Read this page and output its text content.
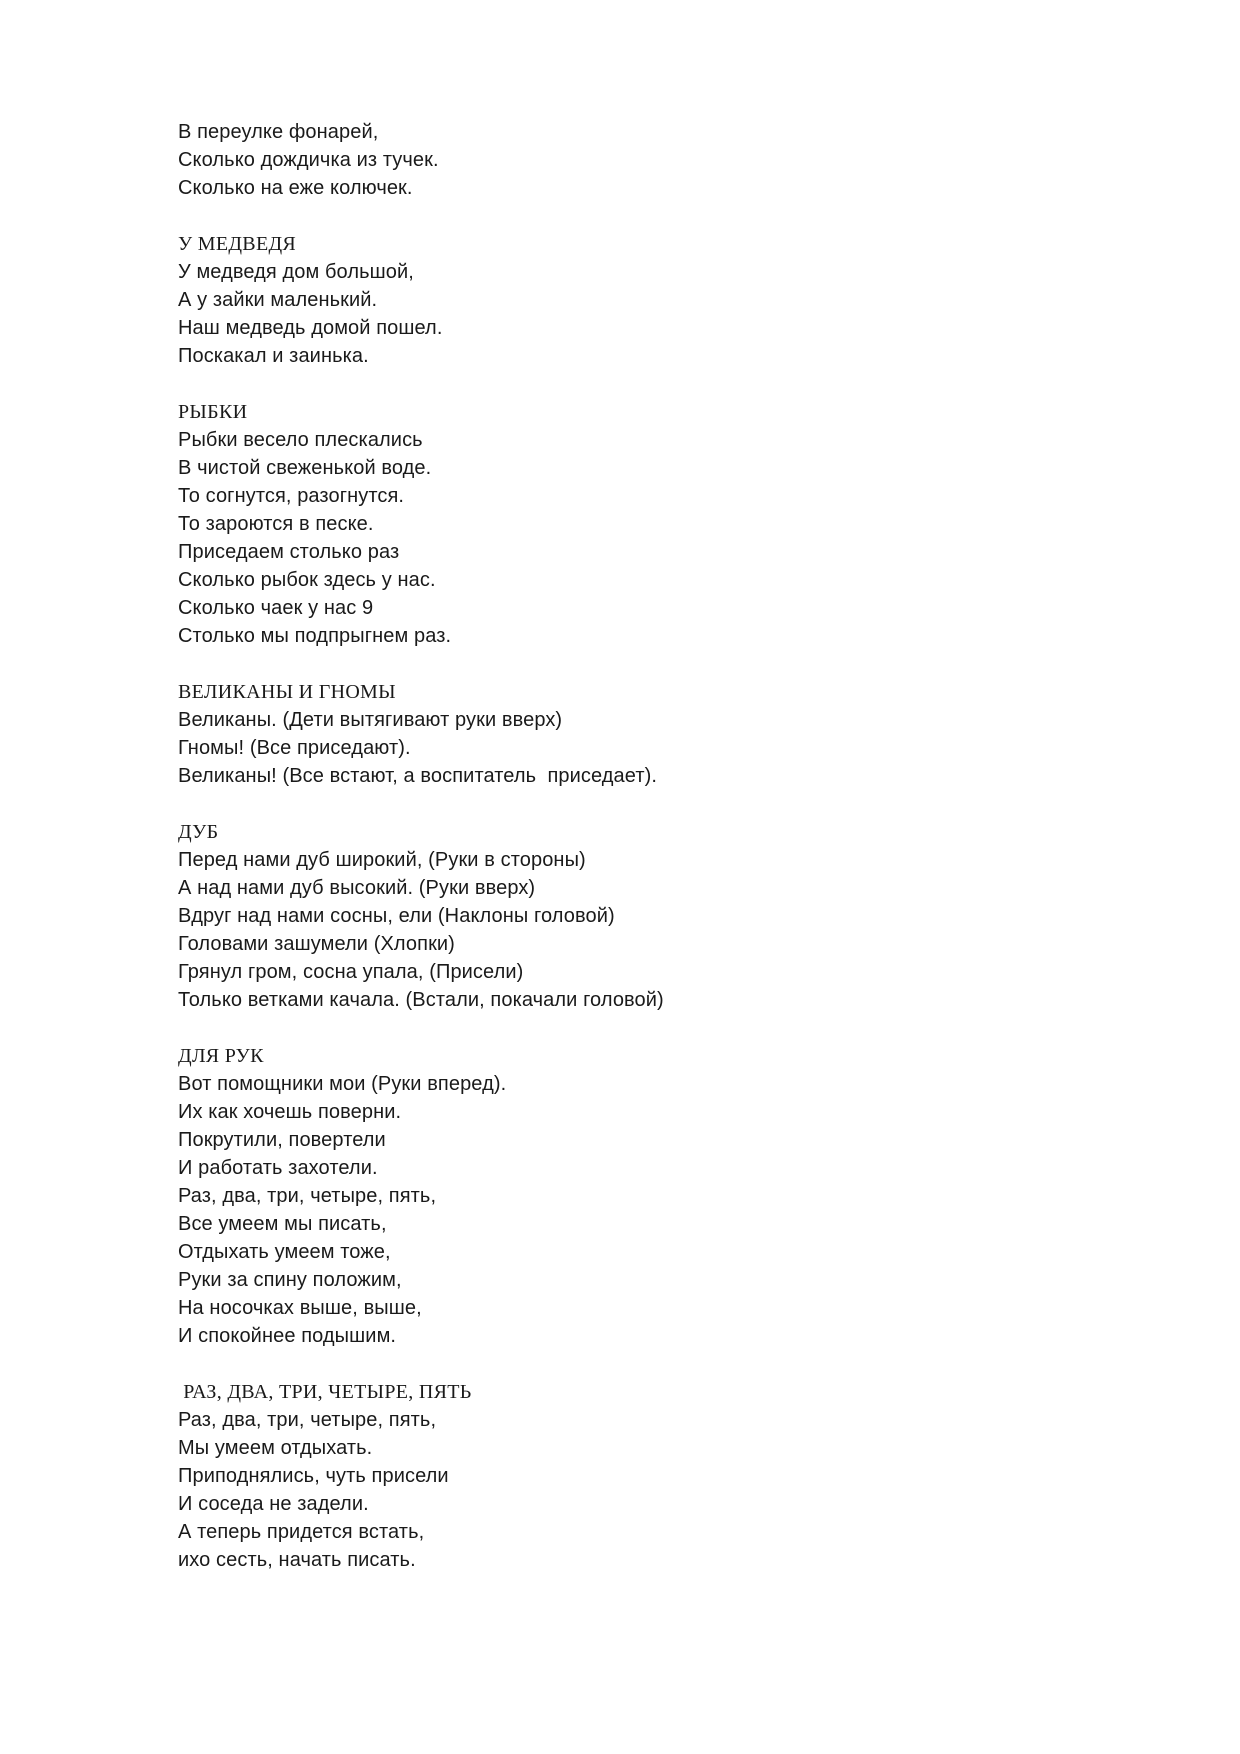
В переулке фонарей,
Сколько дождичка из тучек.
Сколько на еже колючек.
У МЕДВЕДЯ
У медведя дом большой,
А у зайки маленький.
Наш медведь домой пошел.
Поскакал и заинька.
РЫБКИ
Рыбки весело плескались
В чистой свеженькой воде.
То согнутся, разогнутся.
То зароются в песке.
Приседаем столько раз
Сколько рыбок здесь у нас.
Сколько чаек у нас 9
Столько мы подпрыгнем раз.
ВЕЛИКАНЫ И ГНОМЫ
Великаны. (Дети вытягивают руки вверх)
Гномы! (Все приседают).
Великаны! (Все встают, а воспитатель  приседает).
ДУБ
Перед нами дуб широкий, (Руки в стороны)
А над нами дуб высокий. (Руки вверх)
Вдруг над нами сосны, ели (Наклоны головой)
Головами зашумели (Хлопки)
Грянул гром, сосна упала, (Присели)
Только ветками качала. (Встали, покачали головой)
ДЛЯ РУК
Вот помощники мои (Руки вперед).
Их как хочешь поверни.
Покрутили, повертели
И работать захотели.
Раз, два, три, четыре, пять,
Все умеем мы писать,
Отдыхать умеем тоже,
Руки за спину положим,
На носочках выше, выше,
И спокойнее подышим.
РАЗ, ДВА, ТРИ, ЧЕТЫРЕ, ПЯТЬ
Раз, два, три, четыре, пять,
Мы умеем отдыхать.
Приподнялись, чуть присели
И соседа не задели.
А теперь придется встать,
ихо сесть, начать писать.
